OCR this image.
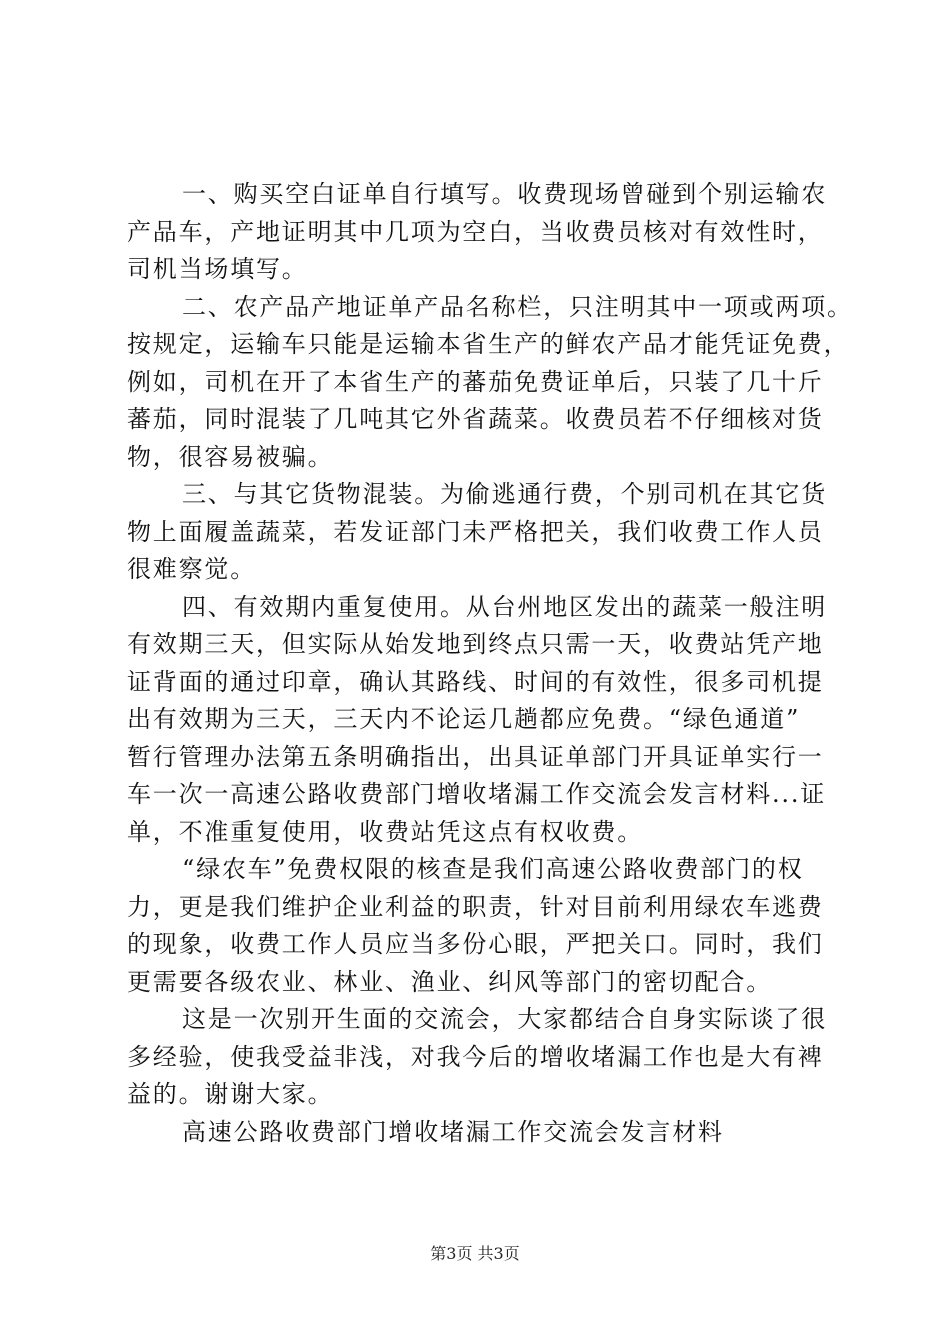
一、购买空白证单自行填写。收费现场曾碰到个别运输农
产品车，产地证明其中几项为空白，当收费员核对有效性时，
司机当场填写。
二、农产品产地证单产品名称栏，只注明其中一项或两项。
按规定，运输车只能是运输本省生产的鲜农产品才能凭证免费，
例如，司机在开了本省生产的蕃茄免费证单后，只装了几十斤
蕃茄，同时混装了几吨其它外省蔬菜。收费员若不仔细核对货
物，很容易被骗。
三、与其它货物混装。为偷逃通行费，个别司机在其它货
物上面履盖蔬菜，若发证部门未严格把关，我们收费工作人员
很难察觉。
四、有效期内重复使用。从台州地区发出的蔬菜一般注明
有效期三天，但实际从始发地到终点只需一天，收费站凭产地
证背面的通过印章，确认其路线、时间的有效性，很多司机提
出有效期为三天，三天内不论运几趟都应免费。“绿色通道”
暂行管理办法第五条明确指出，出具证单部门开具证单实行一
车一次一高速公路收费部门增收堵漏工作交流会发言材料...证
单，不准重复使用，收费站凭这点有权收费。
“绿农车”免费权限的核查是我们高速公路收费部门的权
力，更是我们维护企业利益的职责，针对目前利用绿农车逃费
的现象，收费工作人员应当多份心眼，严把关口。同时，我们
更需要各级农业、林业、渔业、纠风等部门的密切配合。
这是一次别开生面的交流会，大家都结合自身实际谈了很
多经验，使我受益非浅，对我今后的增收堵漏工作也是大有裨
益的。谢谢大家。
高速公路收费部门增收堵漏工作交流会发言材料
第3页 共3页
